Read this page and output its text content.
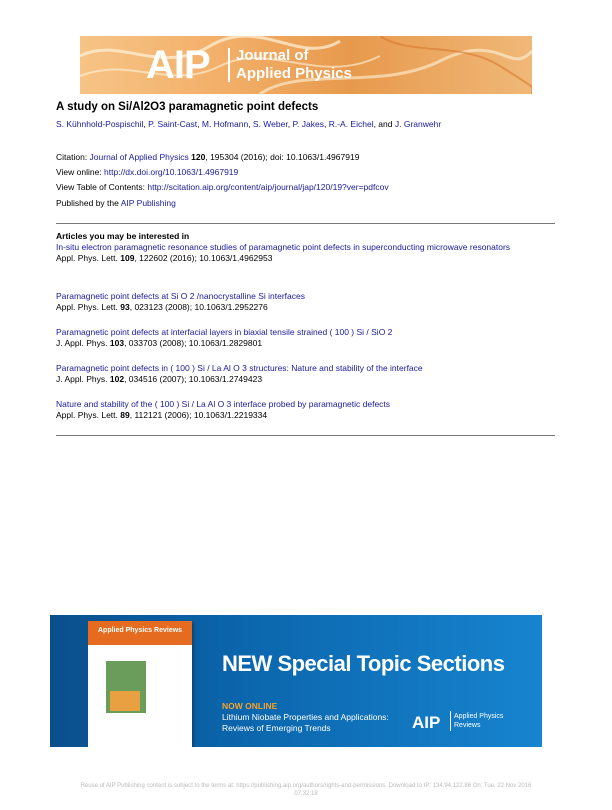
AIP Journal of
Applied Physics
A study on Si/Al2O3 paramagnetic point defects
S. Kühnhold-Pospischil, P. Saint-Cast, M. Hofmann, S. Weber, P. Jakes, R.-A. Eichel, and J. Granwehr
Citation: Journal of Applied Physics 120, 195304 (2016); doi: 10.1063/1.4967919
View online: http://dx.doi.org/10.1063/1.4967919
View Table of Contents: http://scitation.aip.org/content/aip/journal/jap/120/19?ver=pdfcov
Published by the AIP Publishing
Articles you may be interested in
In-situ electron paramagnetic resonance studies of paramagnetic point defects in superconducting microwave resonators
Appl. Phys. Lett. 109, 122602 (2016); 10.1063/1.4962953
Paramagnetic point defects at Si O 2 /nanocrystalline Si interfaces
Appl. Phys. Lett. 93, 023123 (2008); 10.1063/1.2952276
Paramagnetic point defects at interfacial layers in biaxial tensile strained ( 100 ) Si / SiO 2
J. Appl. Phys. 103, 033703 (2008); 10.1063/1.2829801
Paramagnetic point defects in ( 100 ) Si / La Al O 3 structures: Nature and stability of the interface
J. Appl. Phys. 102, 034516 (2007); 10.1063/1.2749423
Nature and stability of the ( 100 ) Si / La Al O 3 interface probed by paramagnetic defects
Appl. Phys. Lett. 89, 112121 (2006); 10.1063/1.2219334
Applied Physics Reviews
NEW Special Topic Sections
NOW ONLINE
Lithium Niobate Properties and Applications:
Reviews of Emerging Trends	AIP Applied Physics
Reviews
Reuse of AIP Publishing content is subject to the terms at: https://publishing.aip.org/authors/rights-and-permissions. Download to IP: 134.94.122.86 On: Tue, 22 Nov 2016
07:32:18
